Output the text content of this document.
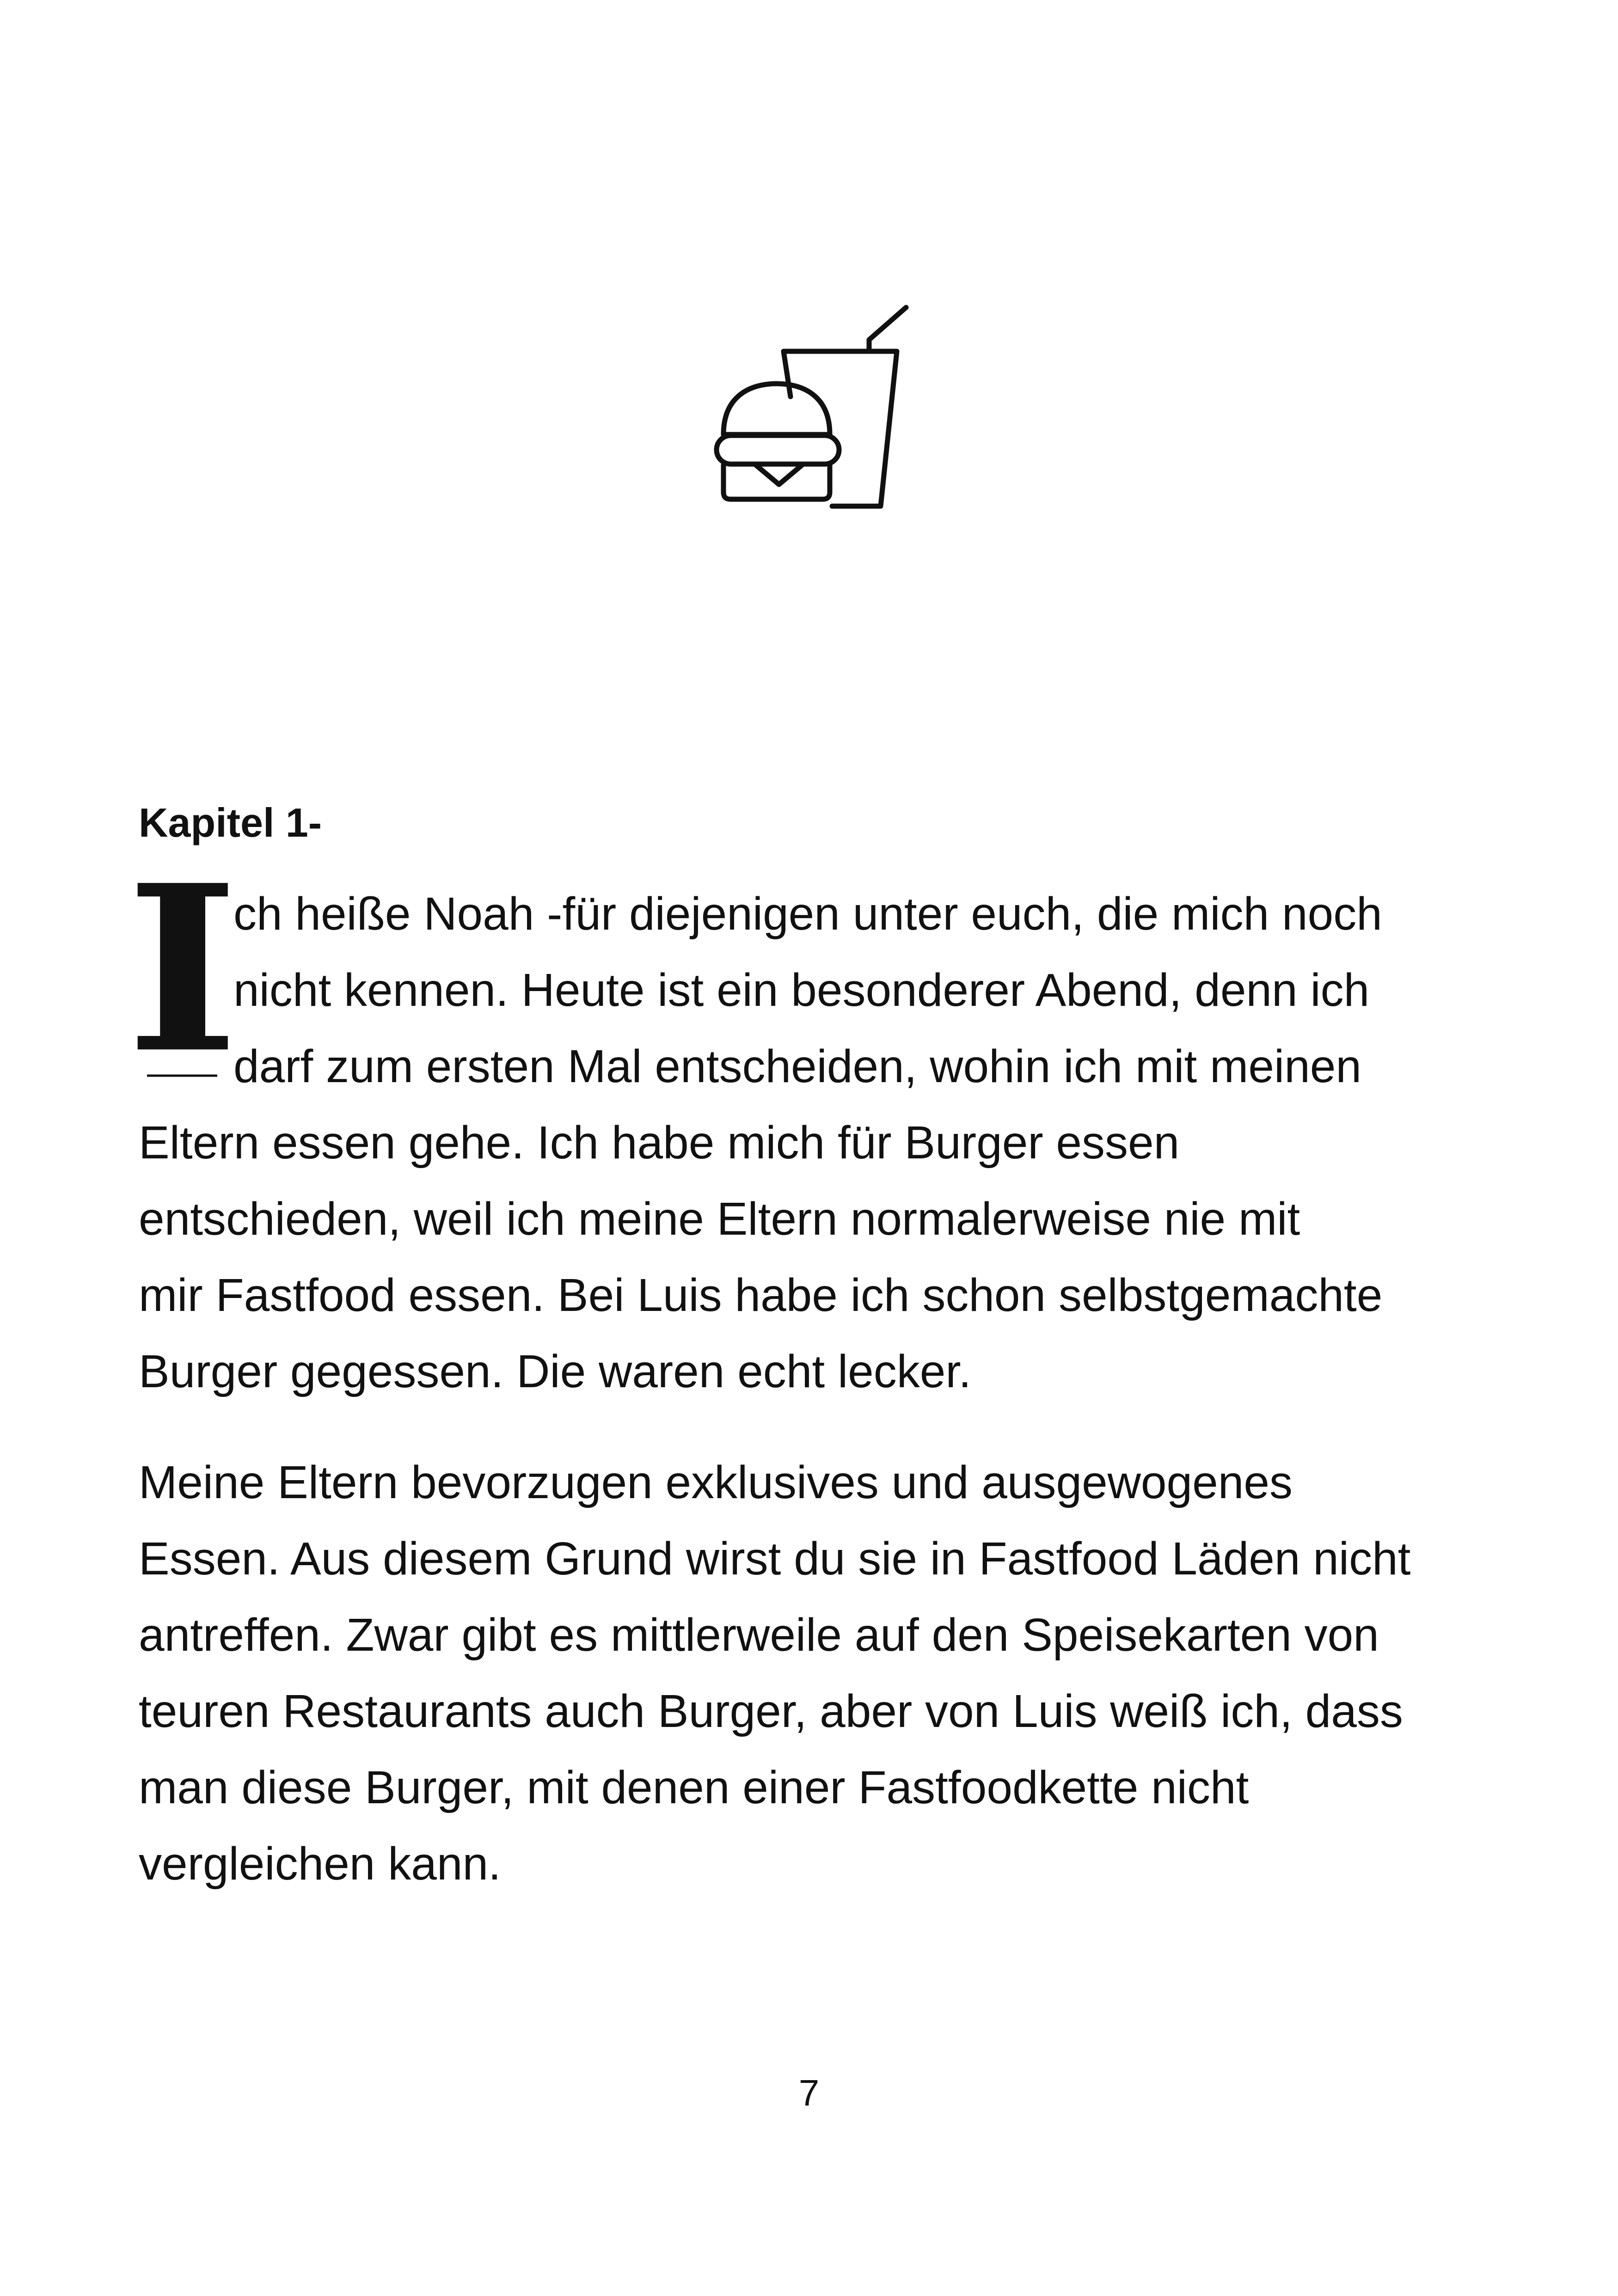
Kapitel 1-
I
ch heiße Noah -für diejenigen unter euch, die mich noch
nicht kennen. Heute ist ein besonderer Abend, denn ich
darf zum ersten Mal entscheiden, wohin ich mit meinen
Eltern essen gehe. Ich habe mich für Burger essen
entschieden, weil ich meine Eltern normalerweise nie mit
mir Fastfood essen. Bei Luis habe ich schon selbstgemachte
Burger gegessen. Die waren echt lecker.
Meine Eltern bevorzugen exklusives und ausgewogenes
Essen. Aus diesem Grund wirst du sie in Fastfood Läden nicht
antreffen. Zwar gibt es mittlerweile auf den Speisekarten von
teuren Restaurants auch Burger, aber von Luis weiß ich, dass
man diese Burger, mit denen einer Fastfoodkette nicht
vergleichen kann.
7
